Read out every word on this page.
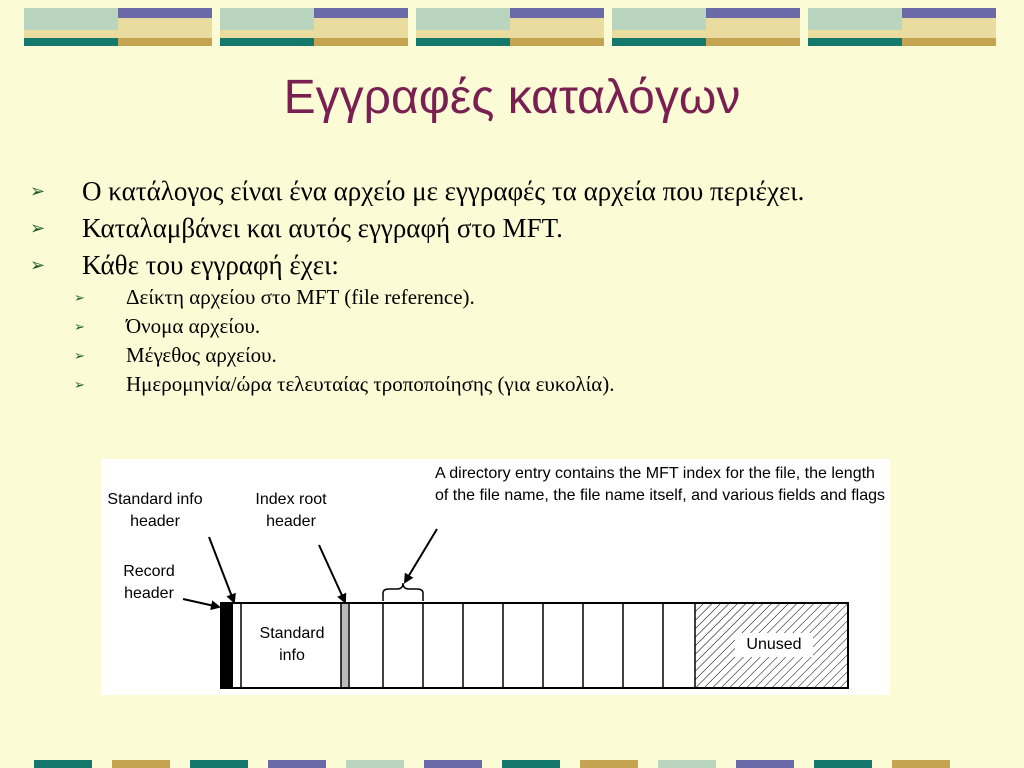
Εγγραφές καταλόγων
➢ Ο κατάλογος είναι ένα αρχείο με εγγραφές τα αρχεία που περιέχει.
➢ Καταλαμβάνει και αυτός εγγραφή στο MFT.
➢ Κάθε του εγγραφή έχει:
➢ Δείκτη αρχείου στο MFT (file reference).
➢ Όνομα αρχείου.
➢ Μέγεθος αρχείου.
➢ Ημερομηνία/ώρα τελευταίας τροποποίησης (για ευκολία).
Standard info header
Index root header
Record header
Standard info
Unused
A directory entry contains the MFT index for the file, the length of the file name, the file name itself, and various fields and flags
